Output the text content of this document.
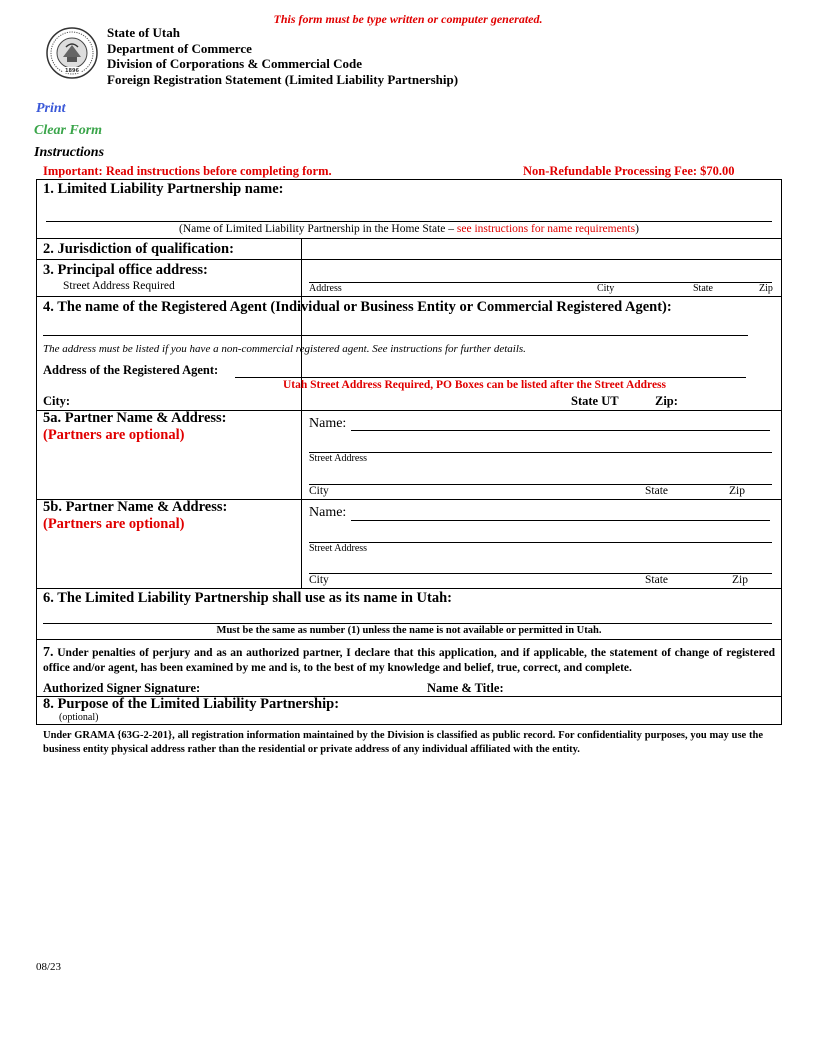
This form must be type written or computer generated.
1896
State of Utah
Department of Commerce
Division of Corporations & Commercial Code
Foreign Registration Statement (Limited Liability Partnership)
Print
Clear Form
Instructions
Important: Read instructions before completing form.	Non-Refundable Processing Fee: $70.00
1. Limited Liability Partnership name:
(Name of Limited Liability Partnership in the Home State – see instructions for name requirements)
2. Jurisdiction of qualification:
3. Principal office address:
Street Address Required	Address	City	State	Zip
4. The name of the Registered Agent (Individual or Business Entity or Commercial Registered Agent):
The address must be listed if you have a non-commercial registered agent. See instructions for further details.
Address of the Registered Agent:
Utah Street Address Required, PO Boxes can be listed after the Street Address
City:	State UT	Zip:
5a. Partner Name & Address:
(Partners are optional)
Name:
Street Address
City	State	Zip
5b. Partner Name & Address:
(Partners are optional)
Name:
Street Address
City	State	Zip
6. The Limited Liability Partnership shall use as its name in Utah:
Must be the same as number (1) unless the name is not available or permitted in Utah.
7. Under penalties of perjury and as an authorized partner, I declare that this application, and if applicable, the statement of change of registered office and/or agent, has been examined by me and is, to the best of my knowledge and belief, true, correct, and complete.
Authorized Signer Signature:	Name & Title:
8. Purpose of the Limited Liability Partnership:
(optional)
Under GRAMA {63G-2-201}, all registration information maintained by the Division is classified as public record. For confidentiality purposes, you may use the business entity physical address rather than the residential or private address of any individual affiliated with the entity.
08/23
